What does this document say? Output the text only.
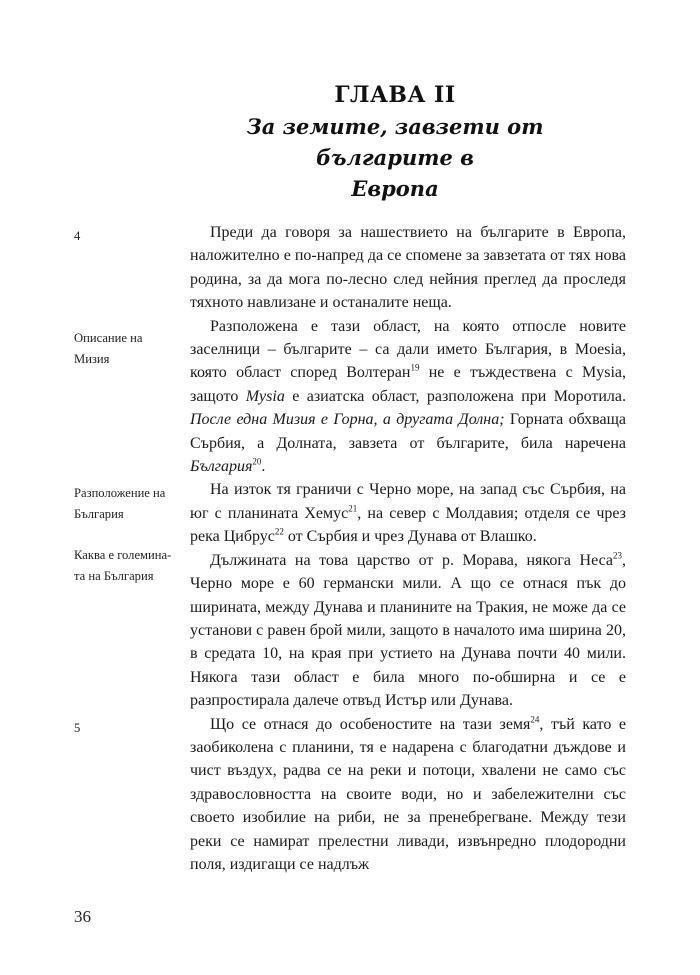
ГЛАВА II
За земите, завзети от българите в
Европа
4
Описание на
Мизия
Разположение на
България
Каква е големина-
та на България
5

Преди да говоря за нашествието на българите в Европа, наложително е по-напред да се спомене за завзетата от тях нова родина, за да мога по-лесно след нейния преглед да проследя тяхното навлизане и останалите неща.

Разположена е тази област, на която отпосле новите заселници – българите – са дали името България, в Moesia, която област според Волтеран$^{19}$ не е тъждествена с Mysia, защото Mysia е азиатска област, разположена при Моротила. После една Мизия е Горна, а другата Долна; Горната обхваща Сърбия, а Долната, завзета от българите, била наречена България$^{20}$.

На изток тя граничи с Черно море, на запад със Сърбия, на юг с планината Хемус$^{21}$, на север с Молдавия; отделя се чрез река Цибрус$^{22}$ от Сърбия и чрез Дунава от Влашко.

Дължината на това царство от р. Морава, някога Неса$^{23}$, Черно море е 60 германски мили. А що се отнася пък до ширината, между Дунава и планините на Тракия, не може да се установи с равен брой мили, защото в началото има ширина 20, в средата 10, на края при устието на Дунава почти 40 мили. Някога тази област е била много по-обширна и се е разпростирала далече отвъд Истър или Дунава.

Що се отнася до особеностите на тази земя$^{24}$, тъй като е заобиколена с планини, тя е надарена с благодатни дъждове и чист въздух, радва се на реки и потоци, хвалени не само със здравословността на своите води, но и забележителни със своето изобилие на риби, не за пренебрегване. Между тези реки се намират прелестни ливади, извънредно плодородни поля, издигащи се надлъж

36
